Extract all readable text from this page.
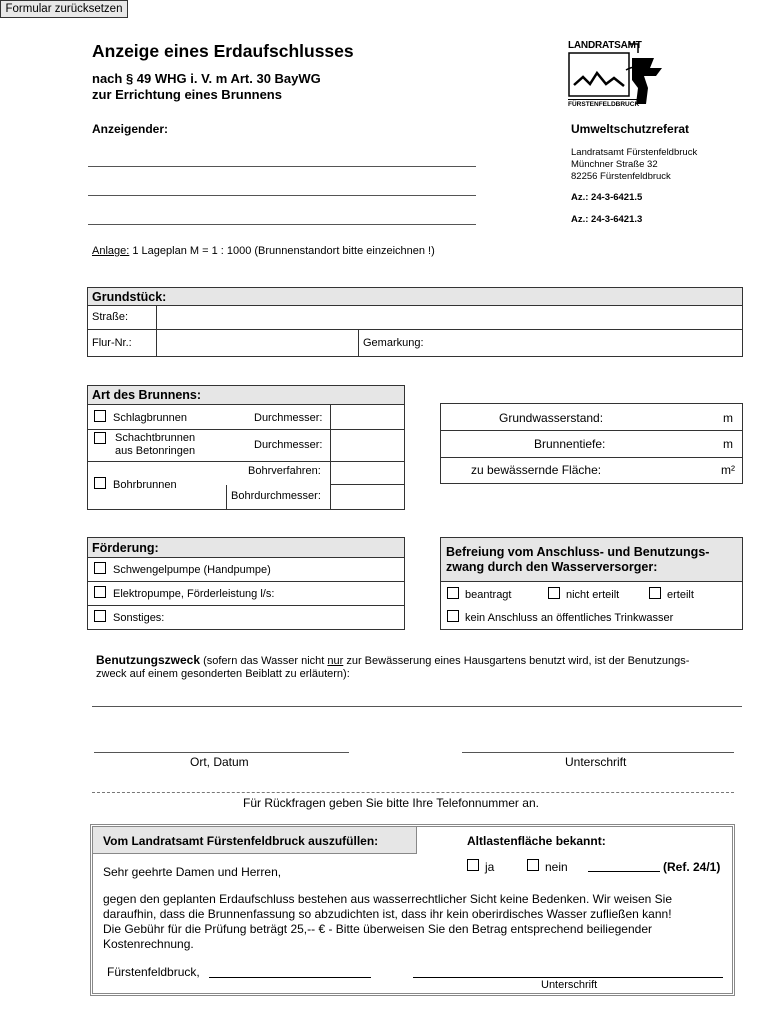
Formular zurücksetzen
Anzeige eines Erdaufschlusses
nach § 49 WHG i. V. m Art. 30 BayWG
zur Errichtung eines Brunnens
Anzeigender:
LANDRATSAMT
FÜRSTENFELDBRUCK
Umweltschutzreferat
Landratsamt Fürstenfeldbruck
Münchner Straße 32
82256 Fürstenfeldbruck
Az.: 24-3-6421.5
Az.: 24-3-6421.3
Anlage: 1 Lageplan M = 1 : 1000 (Brunnenstandort bitte einzeichnen !)
Grundstück:
Straße:
Flur-Nr.:	Gemarkung:
Art des Brunnens:
Schlagbrunnen	Durchmesser:
Schachtbrunnen
aus Betonringen	Durchmesser:
Bohrbrunnen
Bohrverfahren:
Bohrdurchmesser:
Grundwasserstand:	m
Brunnentiefe:	m
zu bewässernde Fläche:	m²
Förderung:
Schwengelpumpe (Handpumpe)
Elektropumpe, Förderleistung l/s:
Sonstiges:
Befreiung vom Anschluss- und Benutzungs-
zwang durch den Wasserversorger:
beantragt	nicht erteilt	erteilt
kein Anschluss an öffentliches Trinkwasser
Benutzungszweck (sofern das Wasser nicht nur zur Bewässerung eines Hausgartens benutzt wird, ist der Benutzungs-
zweck auf einem gesonderten Beiblatt zu erläutern):
Ort, Datum	Unterschrift
Für Rückfragen geben Sie bitte Ihre Telefonnummer an.
Vom Landratsamt Fürstenfeldbruck auszufüllen:	Altlastenfläche bekannt:
ja	nein	(Ref. 24/1)
Sehr geehrte Damen und Herren,
gegen den geplanten Erdaufschluss bestehen aus wasserrechtlicher Sicht keine Bedenken. Wir weisen Sie
daraufhin, dass die Brunnenfassung so abzudichten ist, dass ihr kein oberirdisches Wasser zufließen kann!
Die Gebühr für die Prüfung beträgt 25,-- € - Bitte überweisen Sie den Betrag entsprechend beiliegender
Kostenrechnung.
Fürstenfeldbruck,
Unterschrift
